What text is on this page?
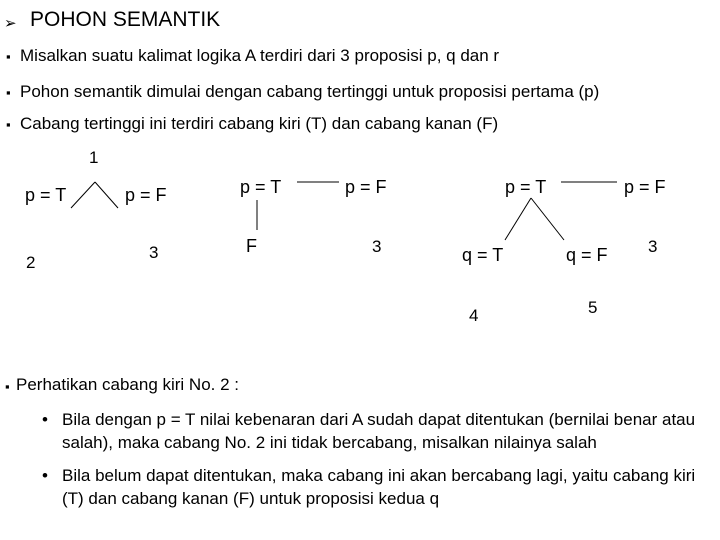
➢ POHON SEMANTIK
▪ Misalkan suatu kalimat logika A terdiri dari 3 proposisi p, q dan r
▪ Pohon semantik dimulai dengan cabang tertinggi untuk proposisi pertama (p)
▪ Cabang tertinggi ini terdiri cabang kiri (T) dan cabang kanan (F)
1
p = T	p = F
2
3
p = T	p = F
F	3
p = T	p = F
q = T	q = F 3
4	5
▪ Perhatikan cabang kiri No. 2 :
• Bila dengan p = T nilai kebenaran dari A sudah dapat ditentukan (bernilai benar atau salah), maka cabang No. 2 ini tidak bercabang, misalkan nilainya salah
• Bila belum dapat ditentukan, maka cabang ini akan bercabang lagi, yaitu cabang kiri (T) dan cabang kanan (F) untuk proposisi kedua q
